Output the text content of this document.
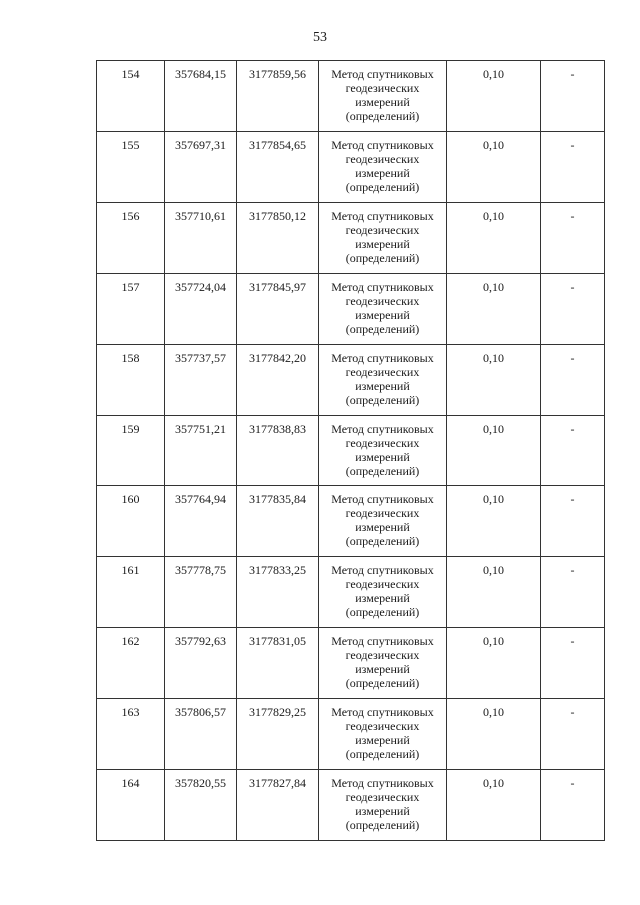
53
154	357684,15	3177859,56	Метод спутниковых геодезических измерений (определений)	0,10	-
155	357697,31	3177854,65	Метод спутниковых геодезических измерений (определений)	0,10	-
156	357710,61	3177850,12	Метод спутниковых геодезических измерений (определений)	0,10	-
157	357724,04	3177845,97	Метод спутниковых геодезических измерений (определений)	0,10	-
158	357737,57	3177842,20	Метод спутниковых геодезических измерений (определений)	0,10	-
159	357751,21	3177838,83	Метод спутниковых геодезических измерений (определений)	0,10	-
160	357764,94	3177835,84	Метод спутниковых геодезических измерений (определений)	0,10	-
161	357778,75	3177833,25	Метод спутниковых геодезических измерений (определений)	0,10	-
162	357792,63	3177831,05	Метод спутниковых геодезических измерений (определений)	0,10	-
163	357806,57	3177829,25	Метод спутниковых геодезических измерений (определений)	0,10	-
164	357820,55	3177827,84	Метод спутниковых геодезических измерений (определений)	0,10	-
